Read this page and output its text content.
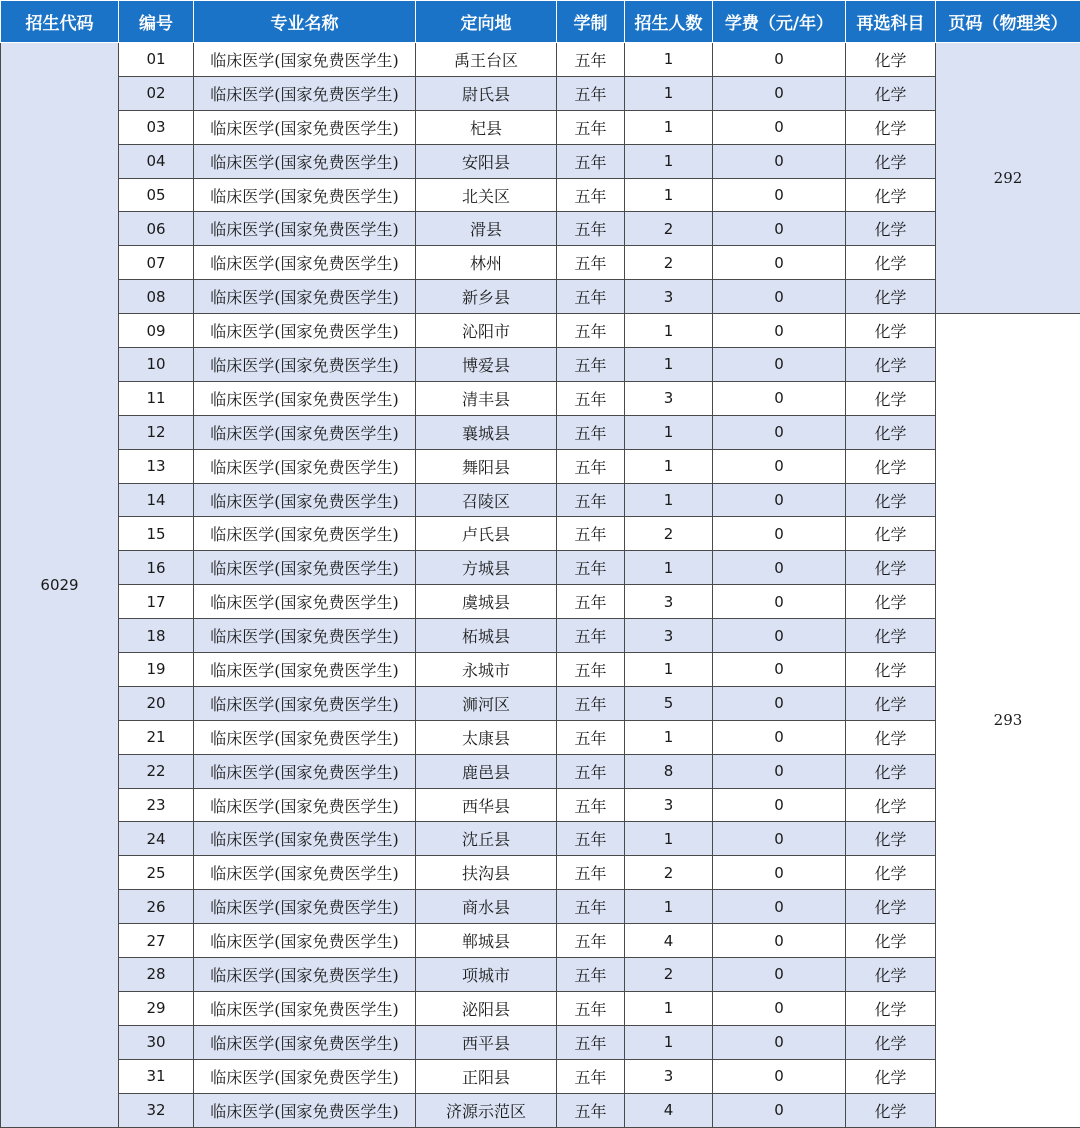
招生代码	编号	专业名称	定向地	学制	招生人数	学费（元/年）	再选科目	页码（物理类）
6029	01	临床医学(国家免费医学生)	禹王台区	五年	1	0	化学	292
	02	临床医学(国家免费医学生)	尉氏县	五年	1	0	化学	
	03	临床医学(国家免费医学生)	杞县	五年	1	0	化学	
	04	临床医学(国家免费医学生)	安阳县	五年	1	0	化学	
	05	临床医学(国家免费医学生)	北关区	五年	1	0	化学	
	06	临床医学(国家免费医学生)	滑县	五年	2	0	化学	
	07	临床医学(国家免费医学生)	林州	五年	2	0	化学	
	08	临床医学(国家免费医学生)	新乡县	五年	3	0	化学	
	09	临床医学(国家免费医学生)	沁阳市	五年	1	0	化学	293
	10	临床医学(国家免费医学生)	博爱县	五年	1	0	化学	
	11	临床医学(国家免费医学生)	清丰县	五年	3	0	化学	
	12	临床医学(国家免费医学生)	襄城县	五年	1	0	化学	
	13	临床医学(国家免费医学生)	舞阳县	五年	1	0	化学	
	14	临床医学(国家免费医学生)	召陵区	五年	1	0	化学	
	15	临床医学(国家免费医学生)	卢氏县	五年	2	0	化学	
	16	临床医学(国家免费医学生)	方城县	五年	1	0	化学	
	17	临床医学(国家免费医学生)	虞城县	五年	3	0	化学	
	18	临床医学(国家免费医学生)	柘城县	五年	3	0	化学	
	19	临床医学(国家免费医学生)	永城市	五年	1	0	化学	
	20	临床医学(国家免费医学生)	浉河区	五年	5	0	化学	
	21	临床医学(国家免费医学生)	太康县	五年	1	0	化学	
	22	临床医学(国家免费医学生)	鹿邑县	五年	8	0	化学	
	23	临床医学(国家免费医学生)	西华县	五年	3	0	化学	
	24	临床医学(国家免费医学生)	沈丘县	五年	1	0	化学	
	25	临床医学(国家免费医学生)	扶沟县	五年	2	0	化学	
	26	临床医学(国家免费医学生)	商水县	五年	1	0	化学	
	27	临床医学(国家免费医学生)	郸城县	五年	4	0	化学	
	28	临床医学(国家免费医学生)	项城市	五年	2	0	化学	
	29	临床医学(国家免费医学生)	泌阳县	五年	1	0	化学	
	30	临床医学(国家免费医学生)	西平县	五年	1	0	化学	
	31	临床医学(国家免费医学生)	正阳县	五年	3	0	化学	
	32	临床医学(国家免费医学生)	济源示范区	五年	4	0	化学	
